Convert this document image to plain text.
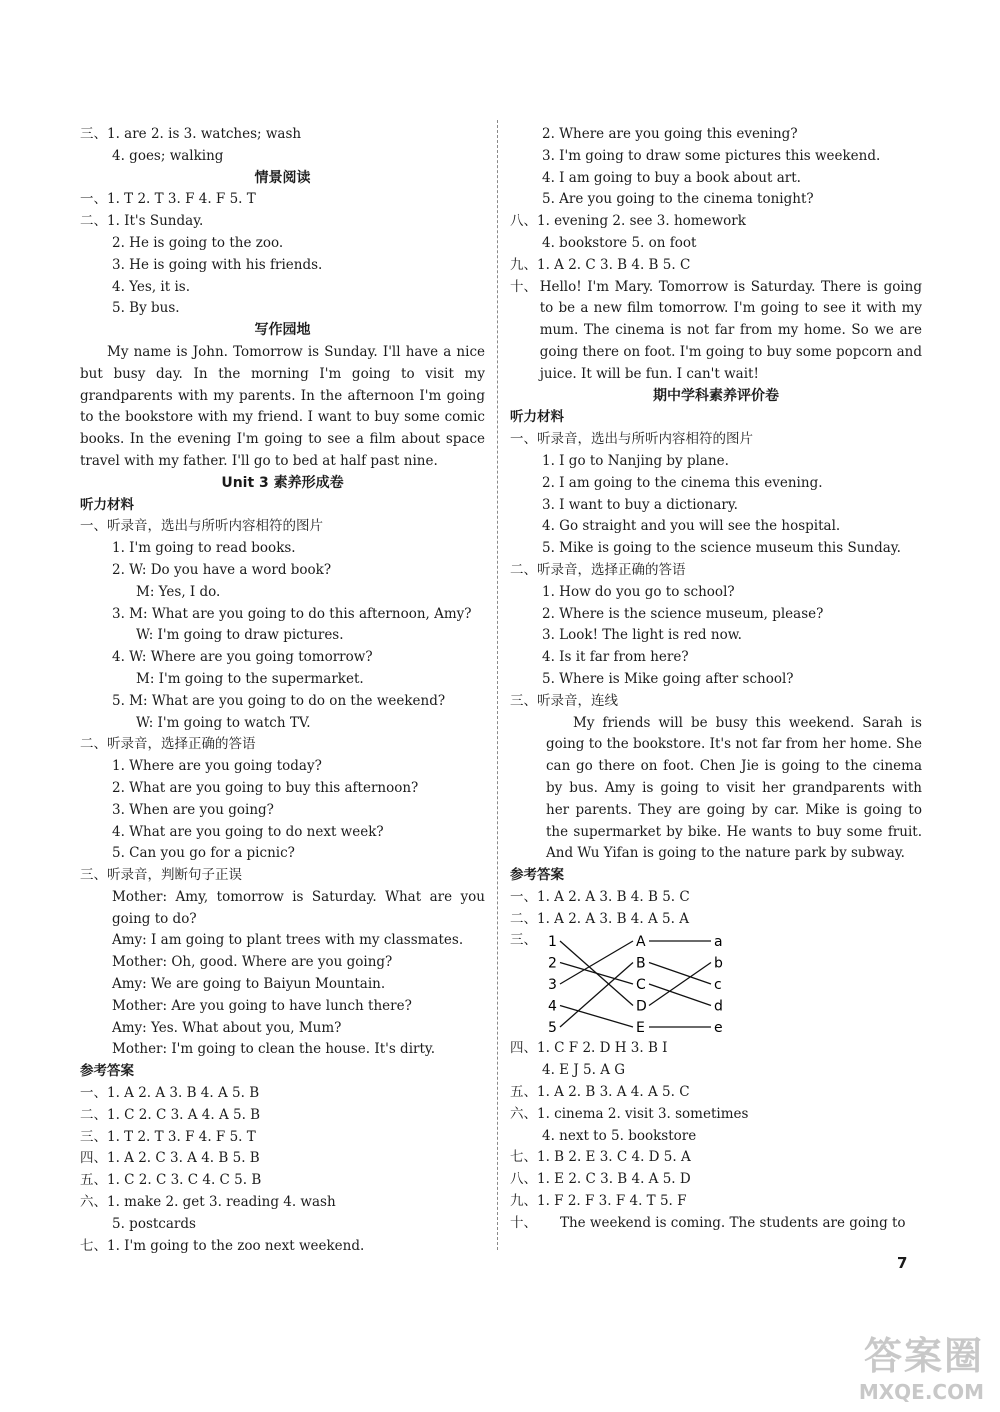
三、1. are 2. is 3. watches; wash
4. goes; walking
情景阅读
一、1. T 2. T 3. F 4. F 5. T
二、1. It's Sunday.
2. He is going to the zoo.
3. He is going with his friends.
4. Yes, it is.
5. By bus.
写作园地
My name is John. Tomorrow is Sunday. I'll have a nice but busy day. In the morning I'm going to visit my grandparents with my parents. In the afternoon I'm going to the bookstore with my friend. I want to buy some comic books. In the evening I'm going to see a film about space travel with my father. I'll go to bed at half past nine.
Unit 3 素养形成卷
听力材料
一、听录音，选出与所听内容相符的图片
1. I'm going to read books.
2. W: Do you have a word book?
M: Yes, I do.
3. M: What are you going to do this afternoon, Amy?
W: I'm going to draw pictures.
4. W: Where are you going tomorrow?
M: I'm going to the supermarket.
5. M: What are you going to do on the weekend?
W: I'm going to watch TV.
二、听录音，选择正确的答语
1. Where are you going today?
2. What are you going to buy this afternoon?
3. When are you going?
4. What are you going to do next week?
5. Can you go for a picnic?
三、听录音，判断句子正误
Mother: Amy, tomorrow is Saturday. What are you going to do?
Amy: I am going to plant trees with my classmates.
Mother: Oh, good. Where are you going?
Amy: We are going to Baiyun Mountain.
Mother: Are you going to have lunch there?
Amy: Yes. What about you, Mum?
Mother: I'm going to clean the house. It's dirty.
参考答案
一、1. A 2. A 3. B 4. A 5. B
二、1. C 2. C 3. A 4. A 5. B
三、1. T 2. T 3. F 4. F 5. T
四、1. A 2. C 3. A 4. B 5. B
五、1. C 2. C 3. C 4. C 5. B
六、1. make 2. get 3. reading 4. wash
5. postcards
七、1. I'm going to the zoo next weekend.
2. Where are you going this evening?
3. I'm going to draw some pictures this weekend.
4. I am going to buy a book about art.
5. Are you going to the cinema tonight?
八、1. evening 2. see 3. homework
4. bookstore 5. on foot
九、1. A 2. C 3. B 4. B 5. C
十、 Hello! I'm Mary. Tomorrow is Saturday. There is going to be a new film tomorrow. I'm going to see it with my mum. The cinema is not far from my home. So we are going there on foot. I'm going to buy some popcorn and juice. It will be fun. I can't wait!
期中学科素养评价卷
听力材料
一、听录音，选出与所听内容相符的图片
1. I go to Nanjing by plane.
2. I am going to the cinema this evening.
3. I want to buy a dictionary.
4. Go straight and you will see the hospital.
5. Mike is going to the science museum this Sunday.
二、听录音，选择正确的答语
1. How do you go to school?
2. Where is the science museum, please?
3. Look! The light is red now.
4. Is it far from here?
5. Where is Mike going after school?
三、听录音，连线
My friends will be busy this weekend. Sarah is going to the bookstore. It's not far from her home. She can go there on foot. Chen Jie is going to the cinema by bus. Amy is going to visit her grandparents with her parents. They are going by car. Mike is going to the supermarket by bike. He wants to buy some fruit. And Wu Yifan is going to the nature park by subway.
参考答案
一、1. A 2. A 3. B 4. B 5. C
二、1. A 2. A 3. B 4. A 5. A
三、 1
2
3
4
5
A
B
C
D
E
a
b
c
d
e
四、1. C F 2. D H 3. B I
4. E J 5. A G
五、1. A 2. B 3. A 4. A 5. C
六、1. cinema 2. visit 3. sometimes
4. next to 5. bookstore
七、1. B 2. E 3. C 4. D 5. A
八、1. E 2. C 3. B 4. A 5. D
九、1. F 2. F 3. F 4. T 5. F
十、 The weekend is coming. The students are going to
7
答案圈
MXQE.COM
